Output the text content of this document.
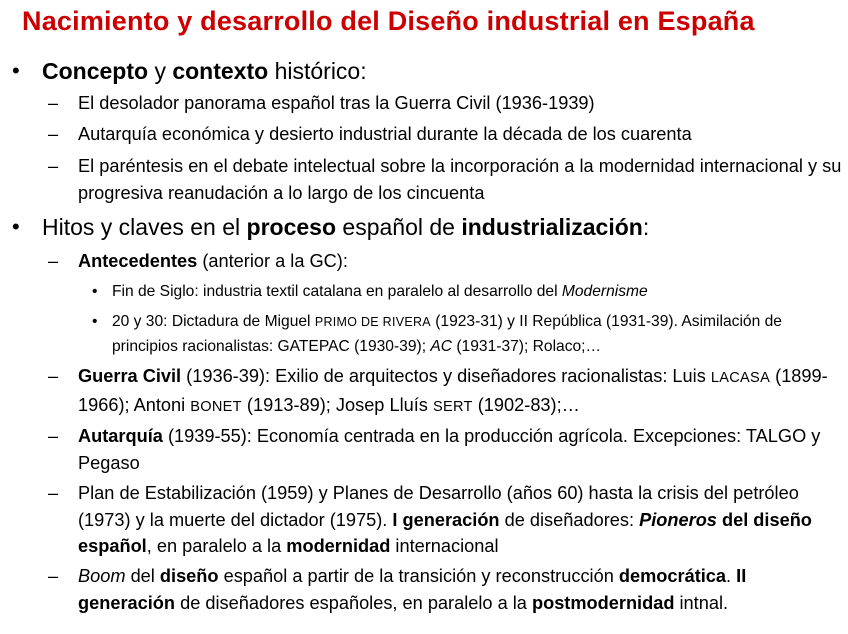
Nacimiento y desarrollo del Diseño industrial en España
• Concepto y contexto histórico:
– El desolador panorama español tras la Guerra Civil (1936-1939)
– Autarquía económica y desierto industrial durante la década de los cuarenta
– El paréntesis en el debate intelectual sobre la incorporación a la modernidad internacional y su progresiva reanudación a lo largo de los cincuenta
• Hitos y claves en el proceso español de industrialización:
– Antecedentes (anterior a la GC):
• Fin de Siglo: industria textil catalana en paralelo al desarrollo del Modernisme
• 20 y 30: Dictadura de Miguel PRIMO DE RIVERA (1923-31) y II República (1931-39). Asimilación de principios racionalistas: GATEPAC (1930-39); AC (1931-37); Rolaco;…
– Guerra Civil (1936-39): Exilio de arquitectos y diseñadores racionalistas: Luis LACASA (1899-1966); Antoni BONET (1913-89); Josep Lluís SERT (1902-83);…
– Autarquía (1939-55): Economía centrada en la producción agrícola. Excepciones: TALGO y Pegaso
– Plan de Estabilización (1959) y Planes de Desarrollo (años 60) hasta la crisis del petróleo (1973) y la muerte del dictador (1975). I generación de diseñadores: Pioneros del diseño español, en paralelo a la modernidad internacional
– Boom del diseño español a partir de la transición y reconstrucción democrática. II generación de diseñadores españoles, en paralelo a la postmodernidad intnal.
